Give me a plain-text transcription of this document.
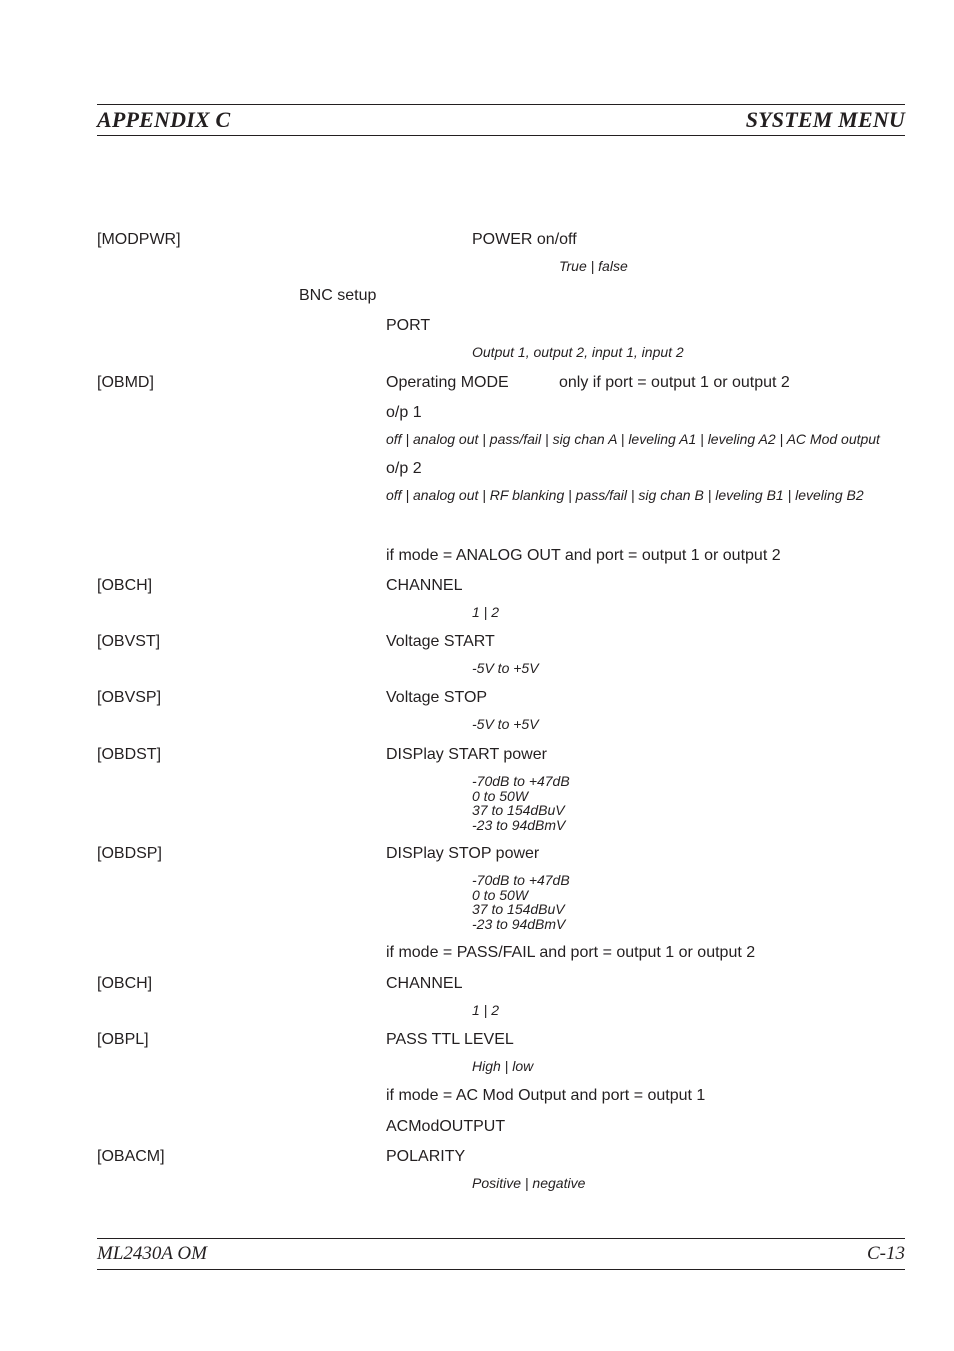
APPENDIX C	SYSTEM MENU
[MODPWR]	POWER on/off
True | false
BNC setup
PORT
Output 1, output 2, input 1, input 2
[OBMD]	Operating MODE	only if port = output 1 or output 2
o/p 1
off | analog out | pass/fail | sig chan A | leveling A1 | leveling A2 | AC Mod output
o/p 2
off | analog out | RF blanking | pass/fail | sig chan B | leveling B1 | leveling B2
if mode = ANALOG OUT and port = output 1 or output 2
[OBCH]	CHANNEL
1 | 2
[OBVST]	Voltage START
-5V to +5V
[OBVSP]	Voltage STOP
-5V to +5V
[OBDST]	DISPlay START power
-70dB to +47dB
0 to 50W
37 to 154dBuV
-23 to 94dBmV
[OBDSP]	DISPlay STOP power
-70dB to +47dB
0 to 50W
37 to 154dBuV
-23 to 94dBmV
if mode = PASS/FAIL and port = output 1 or output 2
[OBCH]	CHANNEL
1 | 2
[OBPL]	PASS TTL LEVEL
High | low
if mode = AC Mod Output and port = output 1
ACModOUTPUT
[OBACM]	POLARITY
Positive | negative
ML2430A OM	C-13
